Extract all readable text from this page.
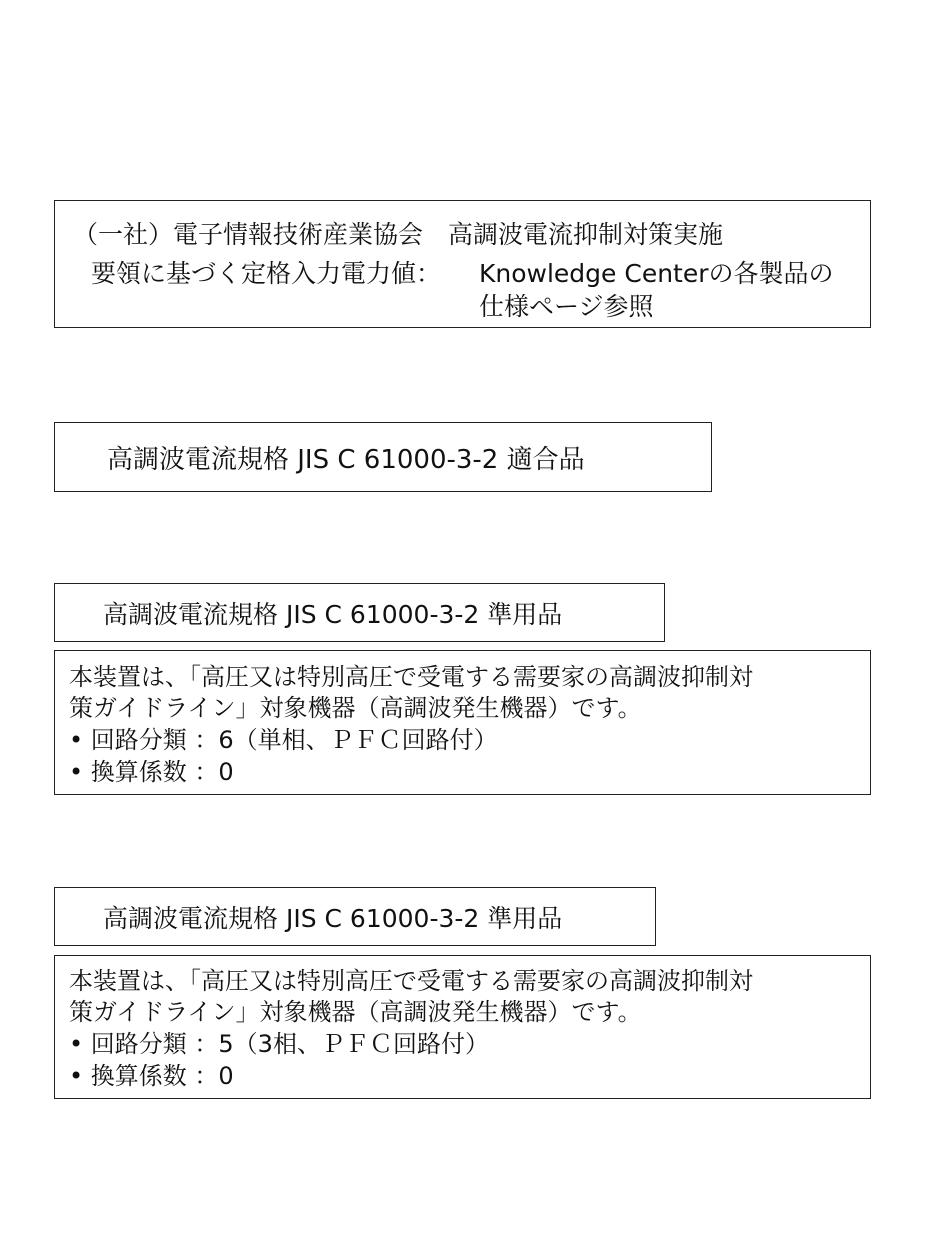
（一社）電子情報技術産業協会　高調波電流抑制対策実施
要領に基づく定格入力電力値： Knowledge Centerの各製品の
仕様ページ参照
高調波電流規格 JIS C 61000-3-2 適合品
高調波電流規格 JIS C 61000-3-2 準用品
本装置は、「高圧又は特別高圧で受電する需要家の高調波抑制対
策ガイドライン」対象機器（高調波発生機器）です。
• 回路分類 ：6（単相、ＰＦＣ回路付）
• 換算係数 ：0
高調波電流規格 JIS C 61000-3-2 準用品
本装置は、「高圧又は特別高圧で受電する需要家の高調波抑制対
策ガイドライン」対象機器（高調波発生機器）です。
• 回路分類 ：5（3相、ＰＦＣ回路付）
• 換算係数 ：0
